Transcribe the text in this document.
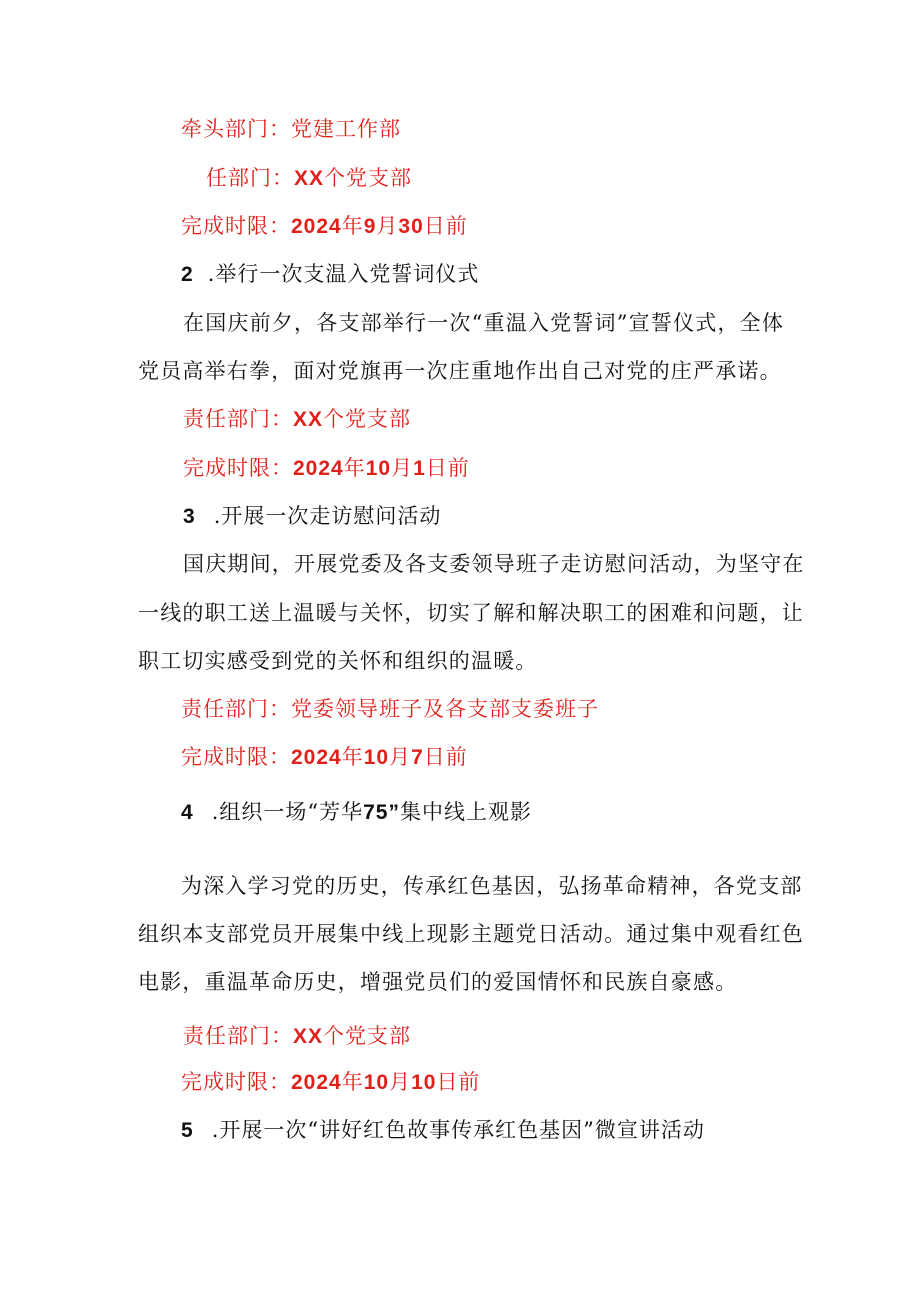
牵头部门：党建工作部
任部门：XX个党支部
完成时限：2024年9月30日前
2 .举行一次支温入党誓词仪式
在国庆前夕，各支部举行一次“重温入党誓词”宣誓仪式，全体
党员高举右拳，面对党旗再一次庄重地作出自己对党的庄严承诺。
责任部门：XX个党支部
完成时限：2024年10月1日前
3 .开展一次走访慰问活动
国庆期间，开展党委及各支委领导班子走访慰问活动，为坚守在
一线的职工送上温暖与关怀，切实了解和解决职工的困难和问题，让
职工切实感受到党的关怀和组织的温暖。
责任部门：党委领导班子及各支部支委班子
完成时限：2024年10月7日前
4 .组织一场“芳华75”集中线上观影
为深入学习党的历史，传承红色基因，弘扬革命精神，各党支部
组织本支部党员开展集中线上现影主题党日活动。通过集中观看红色
电影，重温革命历史，增强党员们的爱国情怀和民族自豪感。
责任部门：XX个党支部
完成时限：2024年10月10日前
5 .开展一次“讲好红色故事传承红色基因”微宣讲活动
